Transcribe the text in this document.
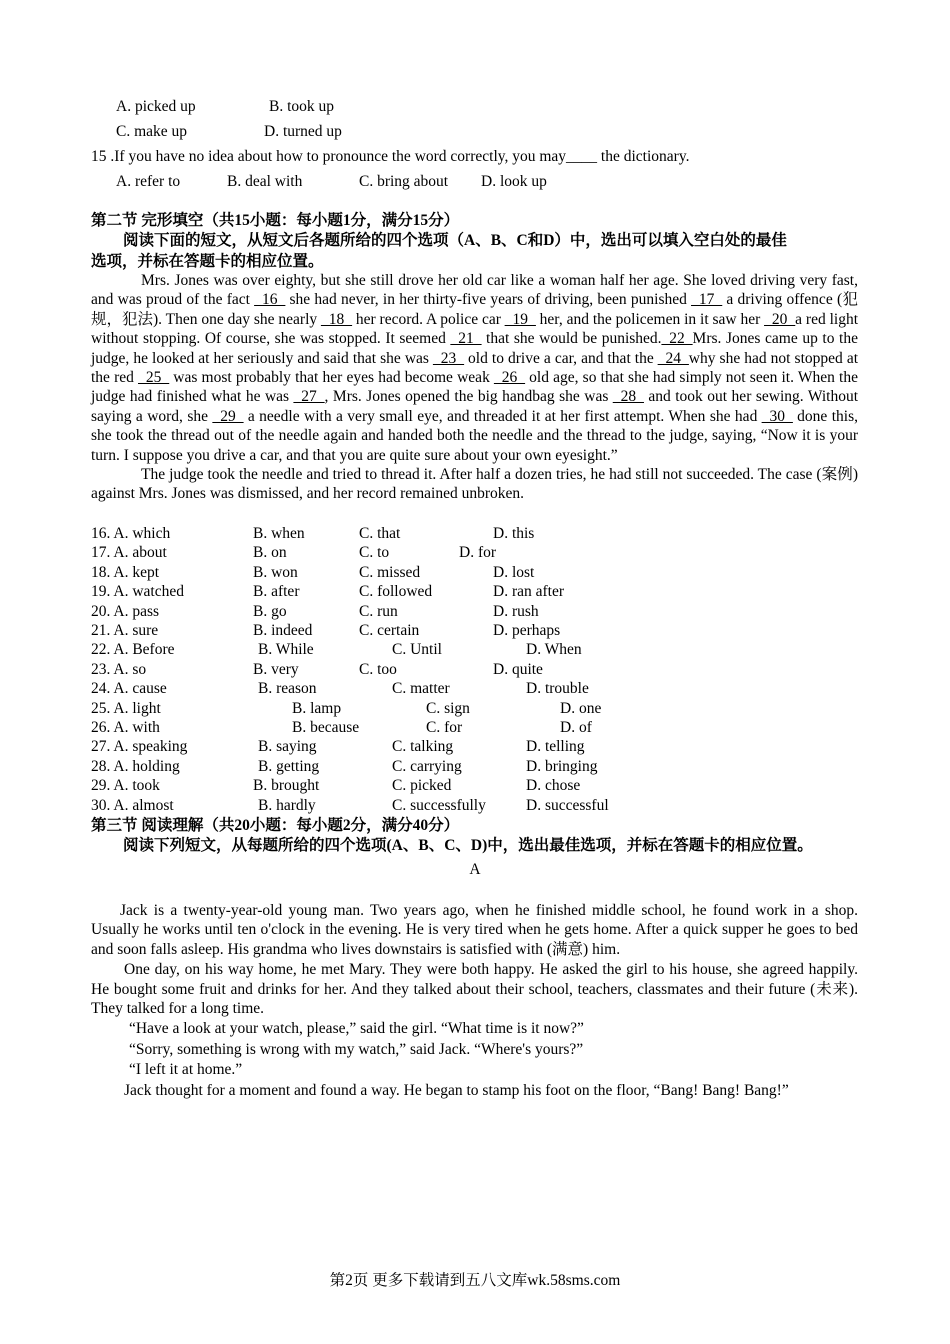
A. picked up	B. took up
C. make up	D. turned up
15 .If you have no idea about how to pronounce the word correctly, you may____ the dictionary.
A. refer to	B. deal with	C. bring about D. look up
第二节 完形填空（共15小题：每小题1分，满分15分）
阅读下面的短文，从短文后各题所给的四个选项（A、B、C和D）中，选出可以填入空白处的最佳
选项，并标在答题卡的相应位置。

Mrs. Jones was over eighty, but she still drove her old car like a woman half her age. She loved driving very fast, and was proud of the fact _16_ she had never, in her thirty-five years of driving, been punished _17_ a driving offence (犯规，犯法). Then one day she nearly _18_ her record. A police car _19_ her, and the policemen in it saw her _20_a red light without stopping. Of course, she was stopped. It seemed _21_ that she would be punished._22_Mrs. Jones came up to the judge, he looked at her seriously and said that she was _23_ old to drive a car, and that the _24_why she had not stopped at the red _25_ was most probably that her eyes had become weak _26_ old age, so that she had simply not seen it. When the judge had finished what he was _27_, Mrs. Jones opened the big handbag she was _28_ and took out her sewing. Without saying a word, she _29_ a needle with a very small eye, and threaded it at her first attempt. When she had _30_ done this, she took the thread out of the needle again and handed both the needle and the thread to the judge, saying, “Now it is your turn. I suppose you drive a car, and that you are quite sure about your own eyesight.”

The judge took the needle and tried to thread it. After half a dozen tries, he had still not succeeded. The case (案例) against Mrs. Jones was dismissed, and her record remained unbroken.

16. A. which	B. when	C. that	D. this
17. A. about	B. on	C. to	D. for
18. A. kept	B. won	C. missed	D. lost
19. A. watched	B. after	C. followed	D. ran after
20. A. pass	B. go	C. run	D. rush
21. A. sure	B. indeed	C. certain	D. perhaps
22. A. Before	B. While	C. Until	D. When
23. A. so	B. very	C. too	D. quite
24. A. cause	B. reason	C. matter	D. trouble
25. A. light	B. lamp	C. sign	D. one
26. A. with	B. because	C. for	D. of
27. A. speaking	B. saying	C. talking	D. telling
28. A. holding	B. getting	C. carrying	D. bringing
29. A. took	B. brought	C. picked	D. chose
30. A. almost	B. hardly	C. successfully	D. successful
第三节 阅读理解（共20小题：每小题2分，满分40分）
阅读下列短文，从每题所给的四个选项(A、B、C、D)中，选出最佳选项，并标在答题卡的相应位置。
A

Jack is a twenty-year-old young man. Two years ago, when he finished middle school, he found work in a shop. Usually he works until ten o'clock in the evening. He is very tired when he gets home. After a quick supper he goes to bed and soon falls asleep. His grandma who lives downstairs is satisfied with (满意) him.

One day, on his way home, he met Mary. They were both happy. He asked the girl to his house, she agreed happily. He bought some fruit and drinks for her. And they talked about their school, teachers, classmates and their future (未来). They talked for a long time.

“Have a look at your watch, please,” said the girl. “What time is it now?”

“Sorry, something is wrong with my watch,” said Jack. “Where's yours?”

“I left it at home.”

Jack thought for a moment and found a way. He began to stamp his foot on the floor, “Bang! Bang! Bang!”

第2页 更多下载请到五八文库wk.58sms.com
